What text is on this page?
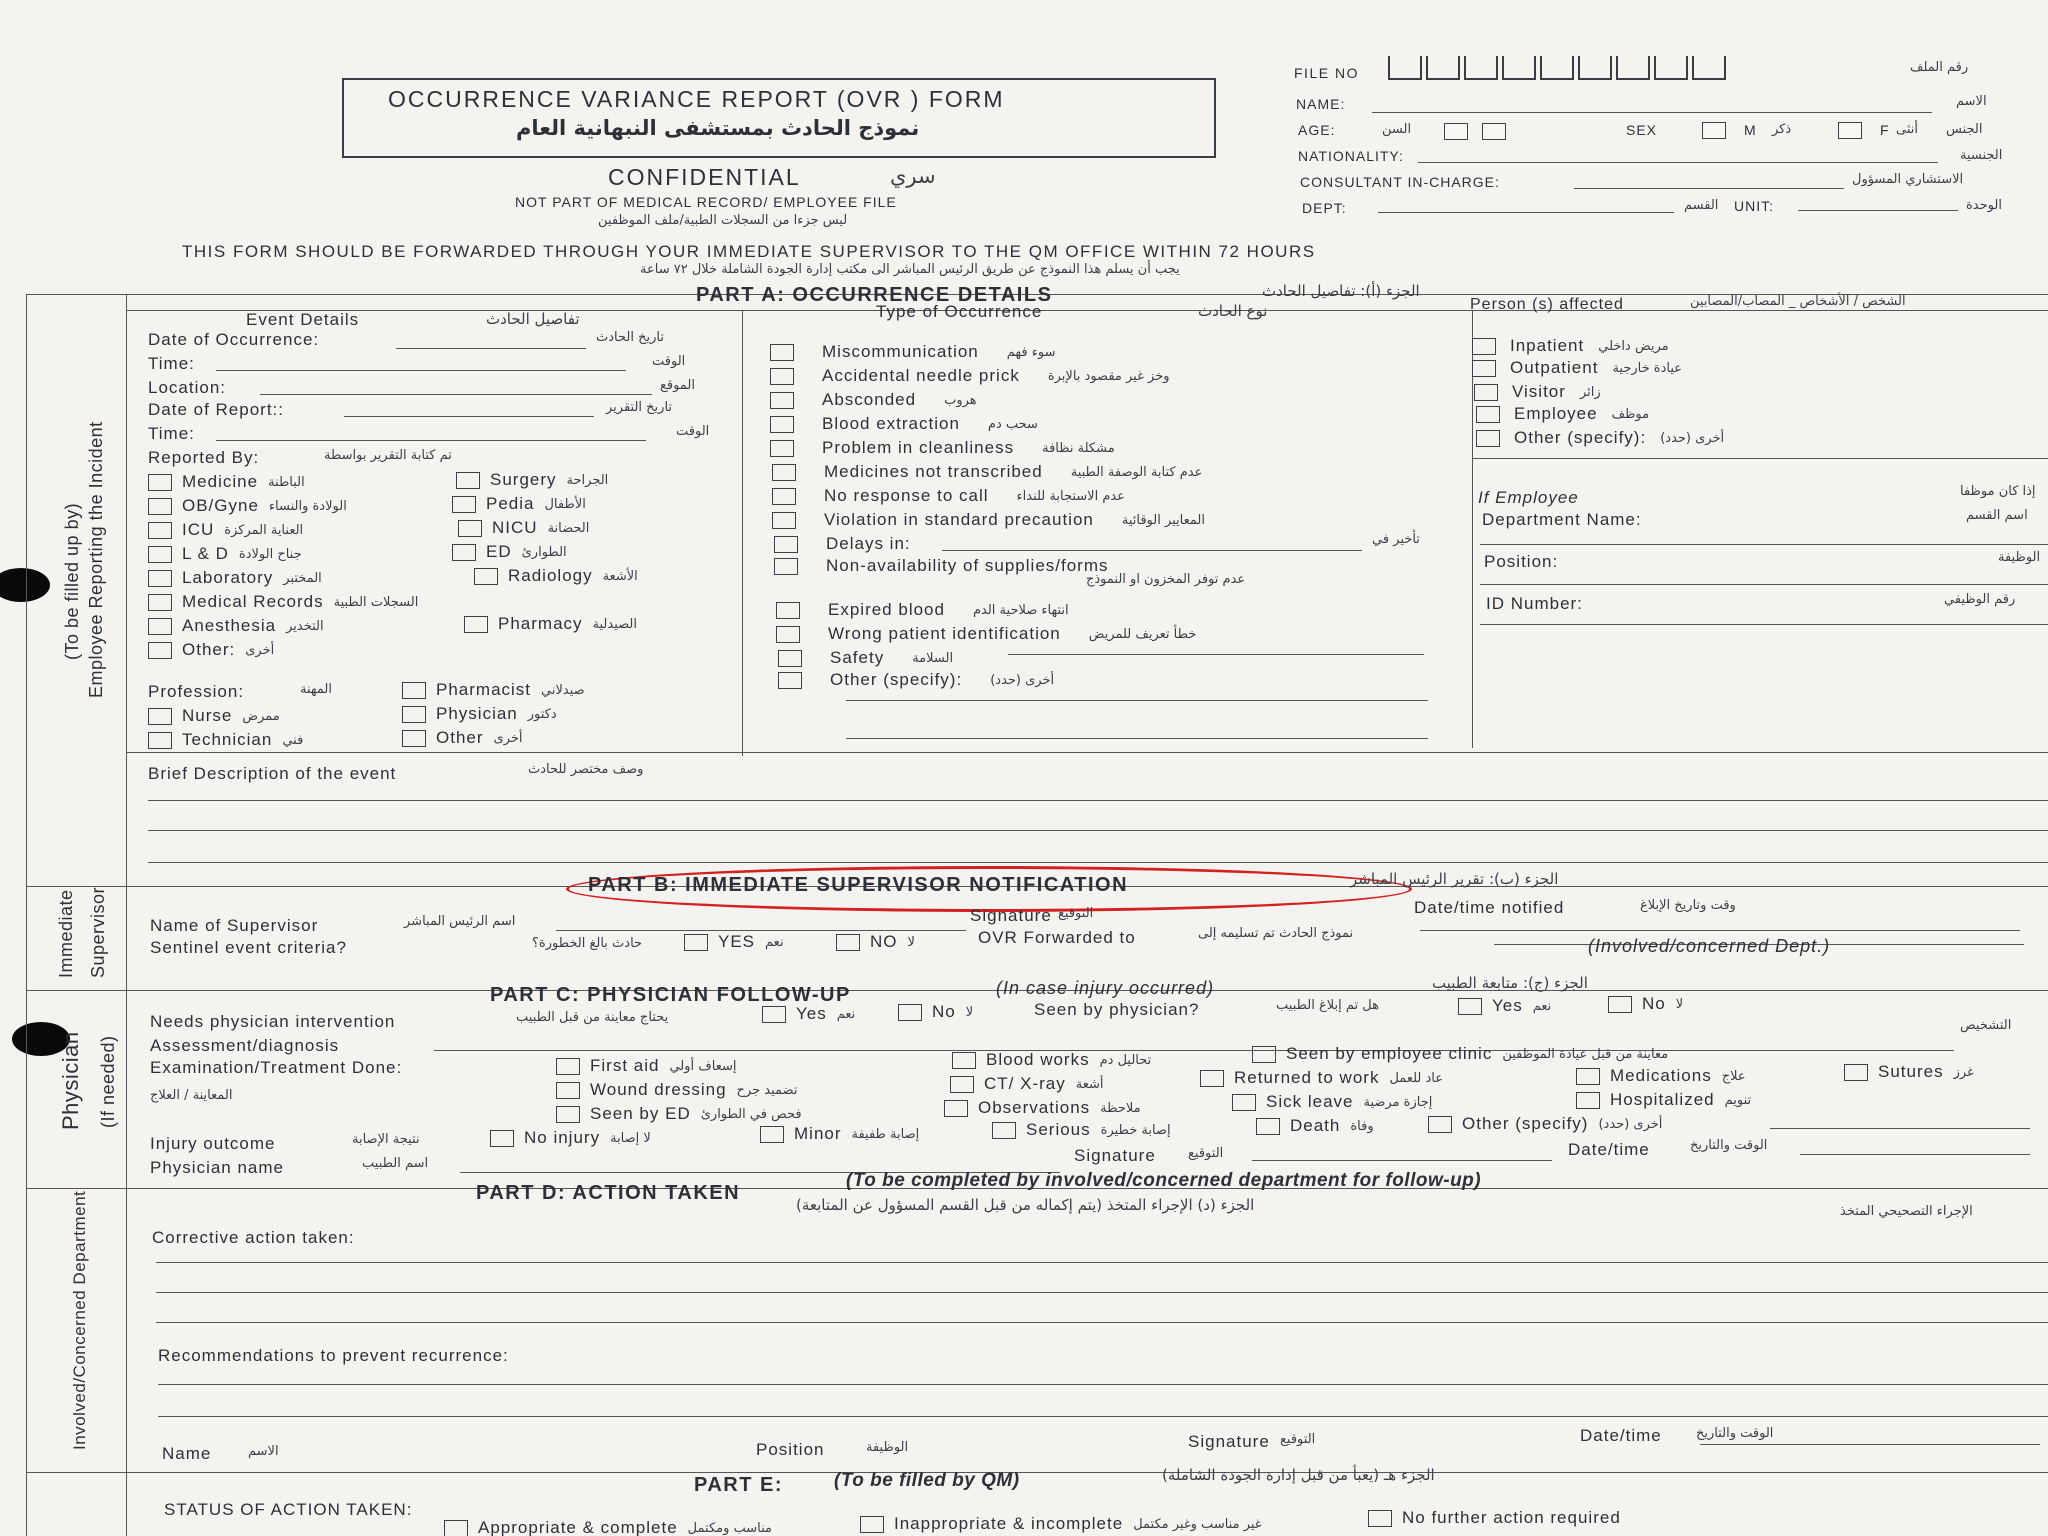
OCCURRENCE VARIANCE REPORT (OVR ) FORM
نموذج الحادث بمستشفى النبهانية العام
CONFIDENTIAL	سري
NOT PART OF MEDICAL RECORD/ EMPLOYEE FILE
ليس جزءا من السجلات الطبية/ملف الموظفين
THIS FORM SHOULD BE FORWARDED THROUGH YOUR IMMEDIATE SUPERVISOR TO THE QM OFFICE WITHIN 72 HOURS
يجب أن يسلم هذا النموذج عن طريق الرئيس المباشر الى مكتب إدارة الجودة الشاملة خلال ٧٢ ساعة
FILE NO	رقم الملف
NAME:	الاسم
AGE:	السن	SEX	M ذكر	F أنثى الجنس
NATIONALITY:	الجنسية
CONSULTANT IN-CHARGE:	الاستشاري المسؤول
DEPT:	القسم UNIT:	الوحدة
(To be filled up by) Employee Reporting the Incident
Immediate Supervisor
Physician (If needed)
Involved/Concerned Department
PART A: OCCURRENCE DETAILS	الجزء (أ): تفاصيل الحادث
Event Details	تفاصيل الحادث
Date of Occurrence:	تاريخ الحادث
Time:	الوقت
Location:	الموقع
Date of Report::	تاريخ التقرير
Time:	الوقت
Reported By:	تم كتابة التقرير بواسطة
Medicine الباطنة
OB/Gyne الولادة والنساء
ICU العناية المركزة
L & D جناح الولادة
Laboratory المختبر
Medical Records السجلات الطبية
Anesthesia التخدير
Other: أخرى
Surgery الجراحة
Pedia الأطفال
NICU الحضانة
ED الطوارئ
Radiology الأشعة
Pharmacy الصيدلية
Profession:	المهنة
Nurse ممرض
Technician فني
Pharmacist صيدلاني
Physician دكتور
Other أخرى
Type of Occurrence	نوع الحادث
Miscommunication سوء فهم
Accidental needle prick وخز غير مقصود بالإبرة
Absconded هروب
Blood extraction سحب دم
Problem in cleanliness مشكلة نظافة
Medicines not transcribed عدم كتابة الوصفة الطبية
No response to call عدم الاستجابة للنداء
Violation in standard precaution المعايير الوقائية
Delays in:	تأخير في
Non-availability of supplies/forms
عدم توفر المخزون او النموذج
Expired blood انتهاء صلاحية الدم
Wrong patient identification خطأ تعريف للمريض
Safety السلامة
Other (specify): أخرى (حدد)
Person (s) affected	الشخص / الأشخاص _ المصاب/المصابين
Inpatient مريض داخلي
Outpatient عيادة خارجية
Visitor زائر
Employee موظف
Other (specify): أخرى (حدد)
If Employee	إذا كان موظفا
Department Name:	اسم القسم
Position:	الوظيفة
ID Number:	رقم الوظيفي
Brief Description of the event	وصف مختصر للحادث
PART B: IMMEDIATE SUPERVISOR NOTIFICATION	الجزء (ب): تقرير الرئيس المباشر
Name of Supervisor	اسم الرئيس المباشر	Signature التوقيع	Date/time notified	وقت وتاريخ الإبلاغ
Sentinel event criteria?	حادث بالغ الخطورة؟	YES نعم	NO لا	OVR Forwarded to	نموذج الحادث تم تسليمه إلى
(Involved/concerned Dept.)
PART C: PHYSICIAN FOLLOW-UP	(In case injury occurred)	الجزء (ج): متابعة الطبيب
Needs physician intervention	يحتاج معاينة من قبل الطبيب	Yes نعم	No لا	Seen by physician?	هل تم إبلاغ الطبيب	Yes نعم	No لا
Assessment/diagnosis
التشخيص
Examination/Treatment Done:
المعاينة / العلاج
First aid إسعاف أولي
Wound dressing تضميد جرح
Seen by ED فحص في الطوارئ
Blood works تحاليل دم
CT/ X-ray أشعة
Observations ملاحظة
Seen by employee clinic معاينة من قبل عيادة الموظفين
Returned to work عاد للعمل
Sick leave إجازة مرضية
Medications علاج
Hospitalized تنويم
Sutures غرز
Injury outcome	نتيجة الإصابة	No injury لا إصابة	Minor إصابة طفيفة	Serious إصابة خطيرة	Death وفاة	Other (specify) أخرى (حدد)
Physician name	اسم الطبيب	Signature التوقيع	Date/time	الوقت والتاريخ
PART D: ACTION TAKEN
(To be completed by involved/concerned department for follow-up)
الجزء (د) الإجراء المتخذ (يتم إكماله من قبل القسم المسؤول عن المتابعة)
Corrective action taken:
الإجراء التصحيحي المتخذ
Recommendations to prevent recurrence:
Name	الاسم	Position	الوظيفة	Signature التوقيع	Date/time	الوقت والتاريخ
PART E:	(To be filled by QM)	الجزء هـ (يعبأ من قبل إدارة الجودة الشاملة)
STATUS OF ACTION TAKEN:
Appropriate & complete مناسب ومكتمل	Inappropriate & incomplete غير مناسب وغير مكتمل	No further action required
